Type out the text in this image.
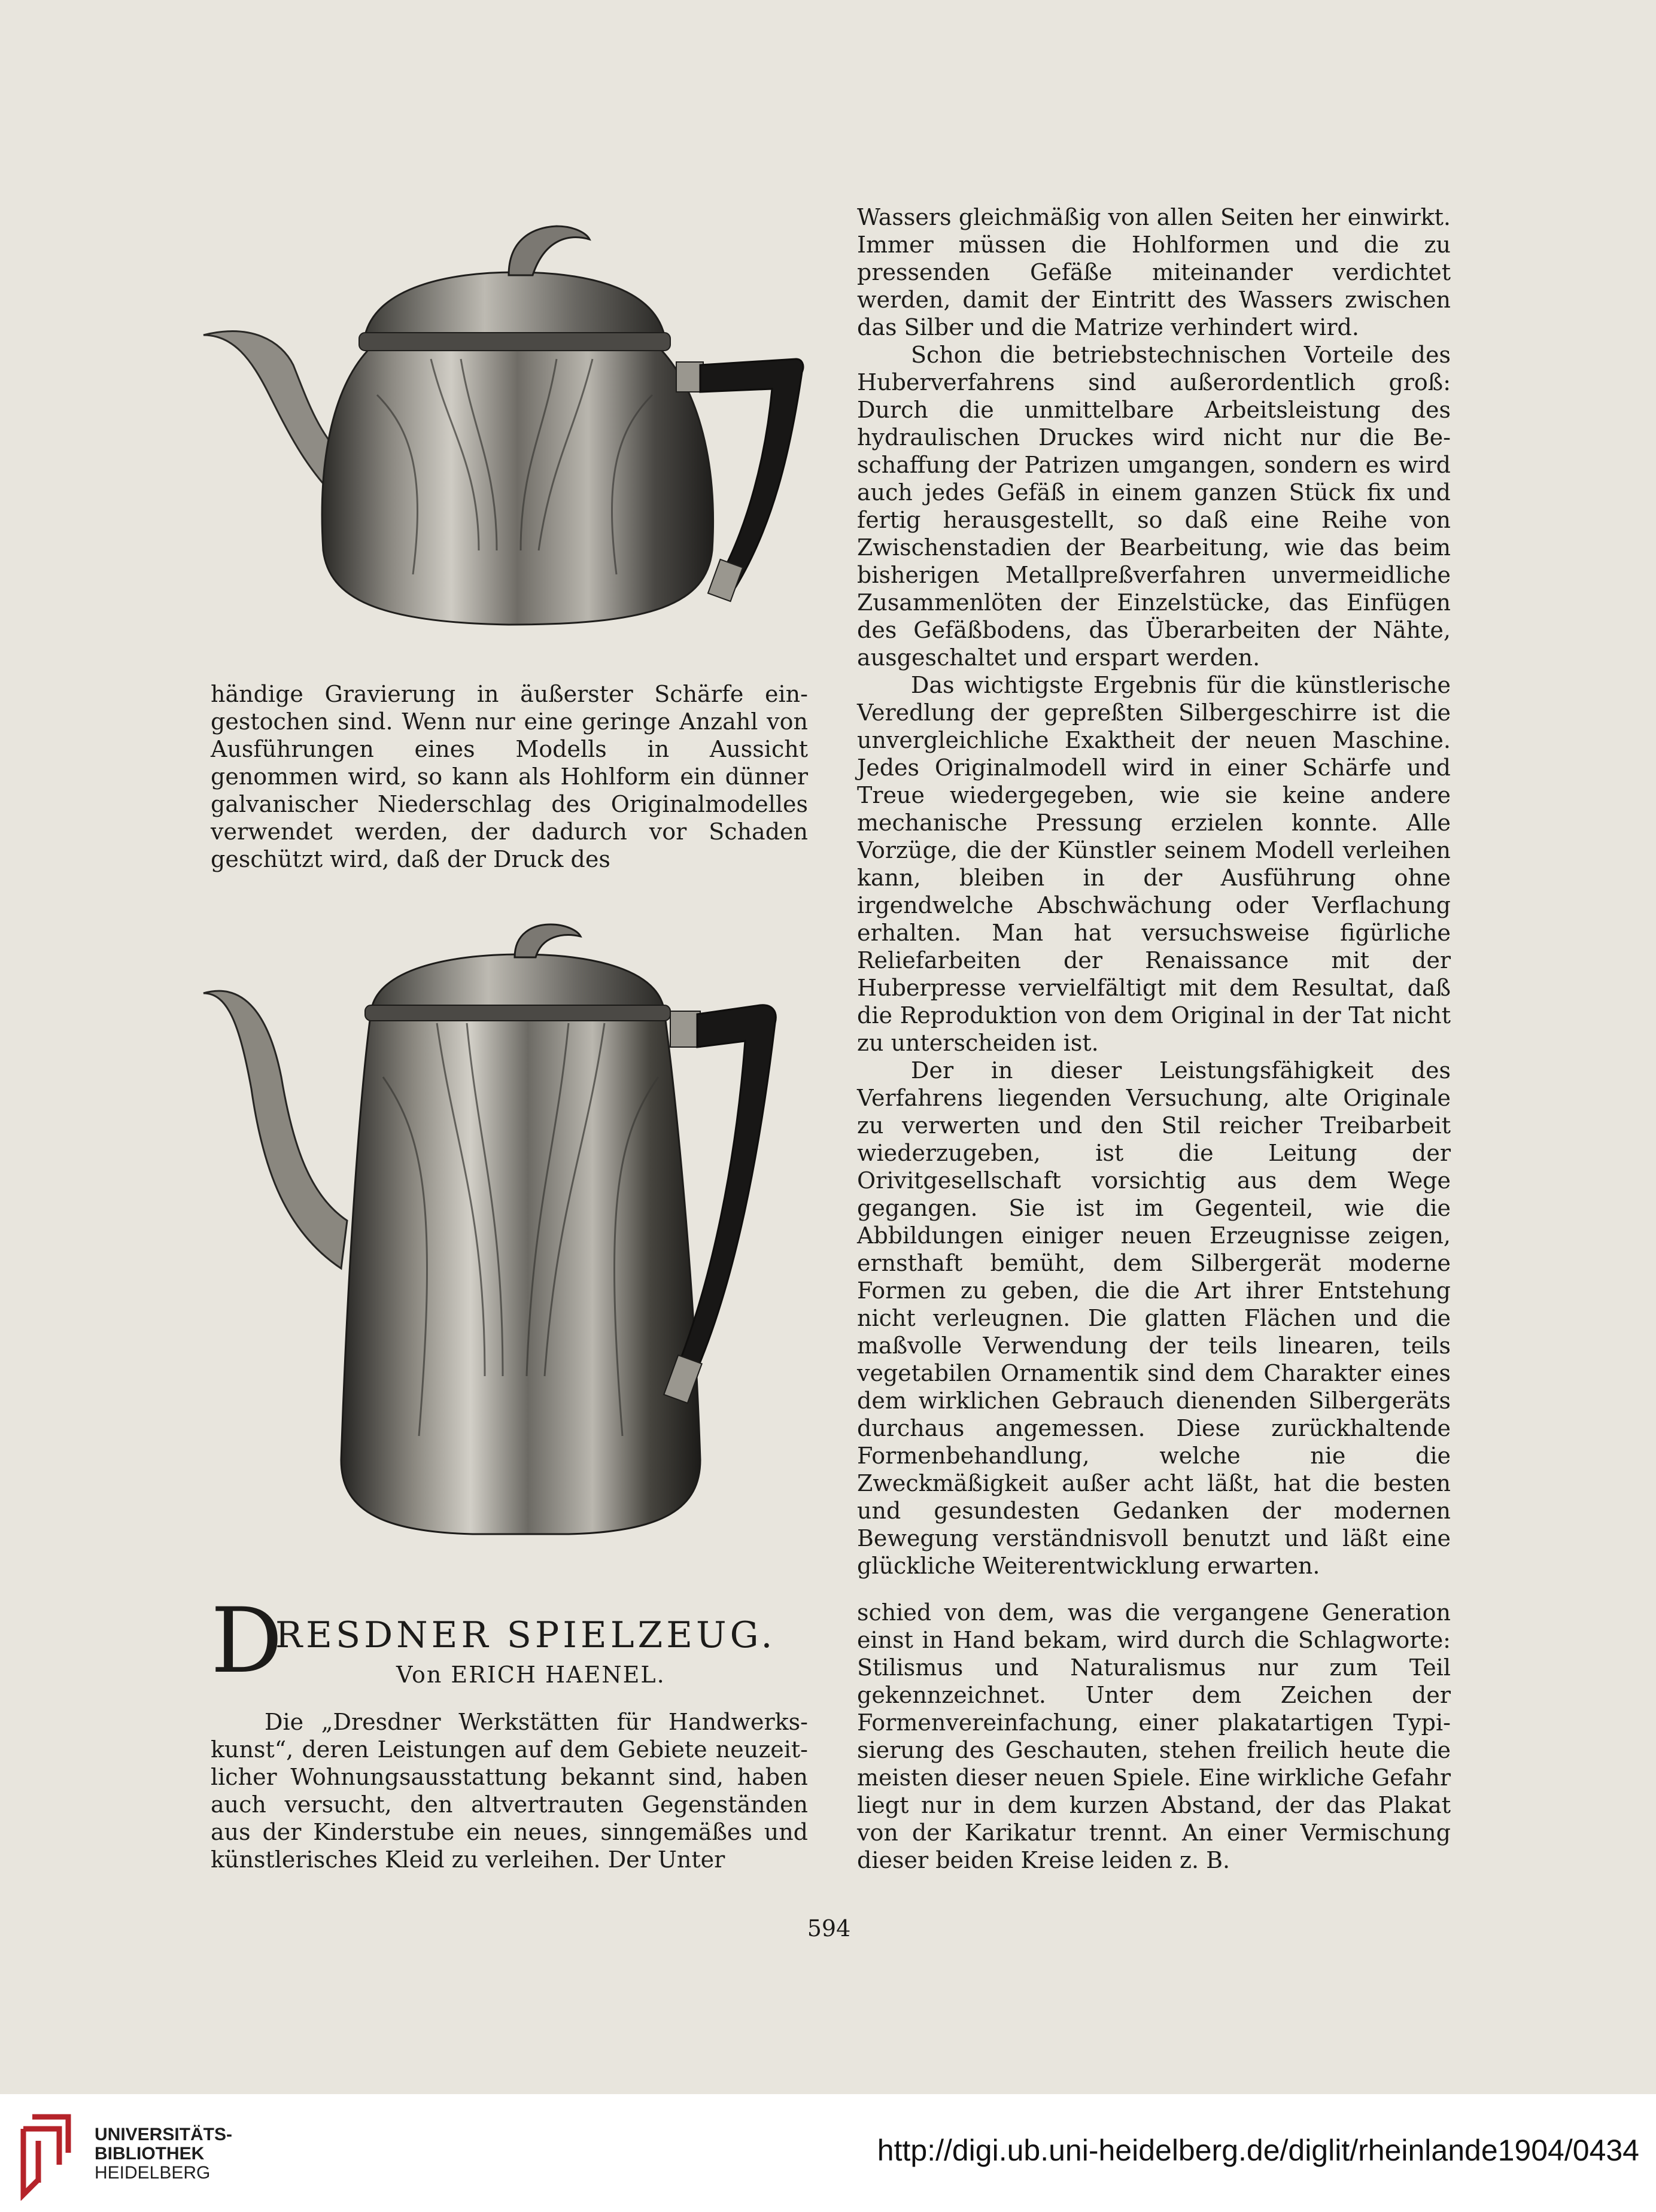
Wassers gleichmäßig von allen Seiten her einwirkt. Immer müssen die Hohlformen und die zu pressenden Gefäße miteinander verdichtet werden, damit der Eintritt des Wassers zwischen das Silber und die Matrize verhindert wird.

Schon die betriebstechnischen Vorteile des Huberverfahrens sind außerordentlich groß: Durch die unmittelbare Arbeitsleistung des hydraulischen Druckes wird nicht nur die Beschaffung der Patrizen umgangen, sondern es wird auch jedes Gefäß in einem ganzen Stück fix und fertig herausgestellt, so daß eine Reihe von Zwischenstadien der Bearbeitung, wie das beim bisherigen Metallpreßverfahren unvermeidliche Zusammenlöten der Einzelstücke, das Einfügen des Gefäßbodens, das Überarbeiten der Nähte, ausgeschaltet und erspart werden.

Das wichtigste Ergebnis für die künstlerische Veredlung der gepreßten Silbergeschirre ist die unvergleichliche Exaktheit der neuen Maschine. Jedes Originalmodell wird in einer Schärfe und Treue wiedergegeben, wie sie keine andere mechanische Pressung erzielen konnte. Alle Vorzüge, die der Künstler seinem Modell verleihen kann, bleiben in der Ausführung ohne irgendwelche Abschwächung oder Verflachung erhalten. Man hat versuchsweise figürliche Reliefarbeiten der Renaissance mit der Huberpresse vervielfältigt mit dem Resultat, daß die Reproduktion von dem Original in der Tat nicht zu unterscheiden ist.

Der in dieser Leistungsfähigkeit des Verfahrens liegenden Versuchung, alte Originale zu verwerten und den Stil reicher Treibarbeit wiederzugeben, ist die Leitung der Orivitgesellschaft vorsichtig aus dem Wege gegangen. Sie ist im Gegenteil, wie die Abbildungen einiger neuen Erzeugnisse zeigen, ernsthaft bemüht, dem Silbergerät moderne Formen zu geben, die die Art ihrer Entstehung nicht verleugnen. Die glatten Flächen und die maßvolle Verwendung der teils linearen, teils vegetabilen Ornamentik sind dem Charakter eines dem wirklichen Gebrauch dienenden Silbergeräts durchaus angemessen. Diese zurückhaltende Formenbehandlung, welche nie die Zweckmäßigkeit außer acht läßt, hat die besten und gesundesten Gedanken der modernen Bewegung verständnisvoll benutzt und läßt eine glückliche Weiterentwicklung erwarten.

händige Gravierung in äußerster Schärfe eingestochen sind. Wenn nur eine geringe Anzahl von Ausführungen eines Modells in Aussicht genommen wird, so kann als Hohlform ein dünner galvanischer Niederschlag des Originalmodelles verwendet werden, der dadurch vor Schaden geschützt wird, daß der Druck des

D
RESDNER SPIELZEUG.
Von ERICH HAENEL.

Die „Dresdner Werkstätten für Handwerkskunst“, deren Leistungen auf dem Gebiete neuzeitlicher Wohnungsausstattung bekannt sind, haben auch versucht, den altvertrauten Gegenständen aus der Kinderstube ein neues, sinngemäßes und künstlerisches Kleid zu verleihen. Der Unter

schied von dem, was die vergangene Generation einst in Hand bekam, wird durch die Schlagworte: Stilismus und Naturalismus nur zum Teil gekennzeichnet. Unter dem Zeichen der Formenvereinfachung, einer plakatartigen Typisierung des Geschauten, stehen freilich heute die meisten dieser neuen Spiele. Eine wirkliche Gefahr liegt nur in dem kurzen Abstand, der das Plakat von der Karikatur trennt. An einer Vermischung dieser beiden Kreise leiden z. B.

594
UNIVERSITÄTS-
BIBLIOTHEK
HEIDELBERG
http://digi.ub.uni-heidelberg.de/diglit/rheinlande1904/0434
